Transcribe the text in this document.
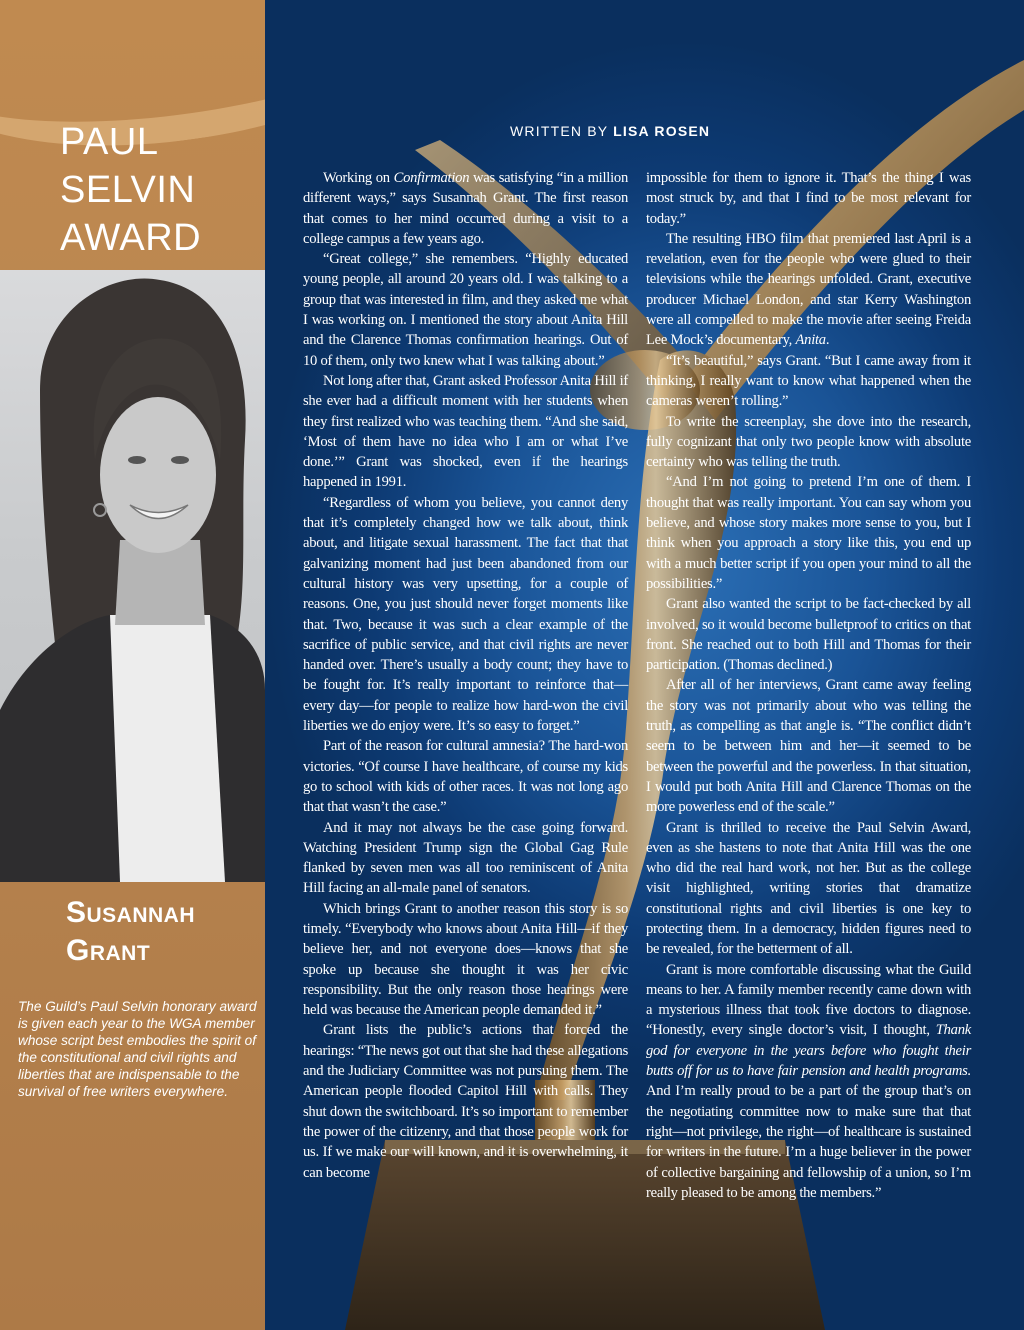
PAUL
SELVIN
AWARD
Susannah
Grant

The Guild’s Paul Selvin honorary award is given each year to the WGA member whose script best embodies the spirit of the constitutional and civil rights and liberties that are indispensable to the survival of free writers everywhere.

WRITTEN BY LISA ROSEN

Working on Confirmation was satisfying “in a million different ways,” says Susannah Grant. The first reason that comes to her mind occurred during a visit to a college campus a few years ago.

“Great college,” she remembers. “Highly educated young people, all around 20 years old. I was talking to a group that was interested in film, and they asked me what I was working on. I mentioned the story about Anita Hill and the Clarence Thomas confirmation hearings. Out of 10 of them, only two knew what I was talking about.”

Not long after that, Grant asked Professor Anita Hill if she ever had a difficult moment with her students when they first realized who was teaching them. “And she said, ‘Most of them have no idea who I am or what I’ve done.’” Grant was shocked, even if the hearings happened in 1991.

“Regardless of whom you believe, you cannot deny that it’s completely changed how we talk about, think about, and litigate sexual harassment. The fact that that galvanizing moment had just been abandoned from our cultural history was very upsetting, for a couple of reasons. One, you just should never forget moments like that. Two, because it was such a clear example of the sacrifice of public service, and that civil rights are never handed over. There’s usually a body count; they have to be fought for. It’s really important to reinforce that—every day—for people to realize how hard-won the civil liberties we do enjoy were. It’s so easy to forget.”

Part of the reason for cultural amnesia? The hard-won victories. “Of course I have healthcare, of course my kids go to school with kids of other races. It was not long ago that that wasn’t the case.”

And it may not always be the case going forward. Watching President Trump sign the Global Gag Rule flanked by seven men was all too reminiscent of Anita Hill facing an all-male panel of senators.

Which brings Grant to another reason this story is so timely. “Everybody who knows about Anita Hill—if they believe her, and not everyone does—knows that she spoke up because she thought it was her civic responsibility. But the only reason those hearings were held was because the American people demanded it.”

Grant lists the public’s actions that forced the hearings: “The news got out that she had these allegations and the Judiciary Committee was not pursuing them. The American people flooded Capitol Hill with calls. They shut down the switchboard. It’s so important to remember the power of the citizenry, and that those people work for us. If we make our will known, and it is overwhelming, it can become

impossible for them to ignore it. That’s the thing I was most struck by, and that I find to be most relevant for today.”

The resulting HBO film that premiered last April is a revelation, even for the people who were glued to their televisions while the hearings unfolded. Grant, executive producer Michael London, and star Kerry Washington were all compelled to make the movie after seeing Freida Lee Mock’s documentary, Anita.

“It’s beautiful,” says Grant. “But I came away from it thinking, I really want to know what happened when the cameras weren’t rolling.”

To write the screenplay, she dove into the research, fully cognizant that only two people know with absolute certainty who was telling the truth.

“And I’m not going to pretend I’m one of them. I thought that was really important. You can say whom you believe, and whose story makes more sense to you, but I think when you approach a story like this, you end up with a much better script if you open your mind to all the possibilities.”

Grant also wanted the script to be fact-checked by all involved, so it would become bulletproof to critics on that front. She reached out to both Hill and Thomas for their participation. (Thomas declined.)

After all of her interviews, Grant came away feeling the story was not primarily about who was telling the truth, as compelling as that angle is. “The conflict didn’t seem to be between him and her—it seemed to be between the powerful and the powerless. In that situation, I would put both Anita Hill and Clarence Thomas on the more powerless end of the scale.”

Grant is thrilled to receive the Paul Selvin Award, even as she hastens to note that Anita Hill was the one who did the real hard work, not her. But as the college visit highlighted, writing stories that dramatize constitutional rights and civil liberties is one key to protecting them. In a democracy, hidden figures need to be revealed, for the betterment of all.

Grant is more comfortable discussing what the Guild means to her. A family member recently came down with a mysterious illness that took five doctors to diagnose. “Honestly, every single doctor’s visit, I thought, Thank god for everyone in the years before who fought their butts off for us to have fair pension and health programs. And I’m really proud to be a part of the group that’s on the negotiating committee now to make sure that that right—not privilege, the right—of healthcare is sustained for writers in the future. I’m a huge believer in the power of collective bargaining and fellowship of a union, so I’m really pleased to be among the members.”
